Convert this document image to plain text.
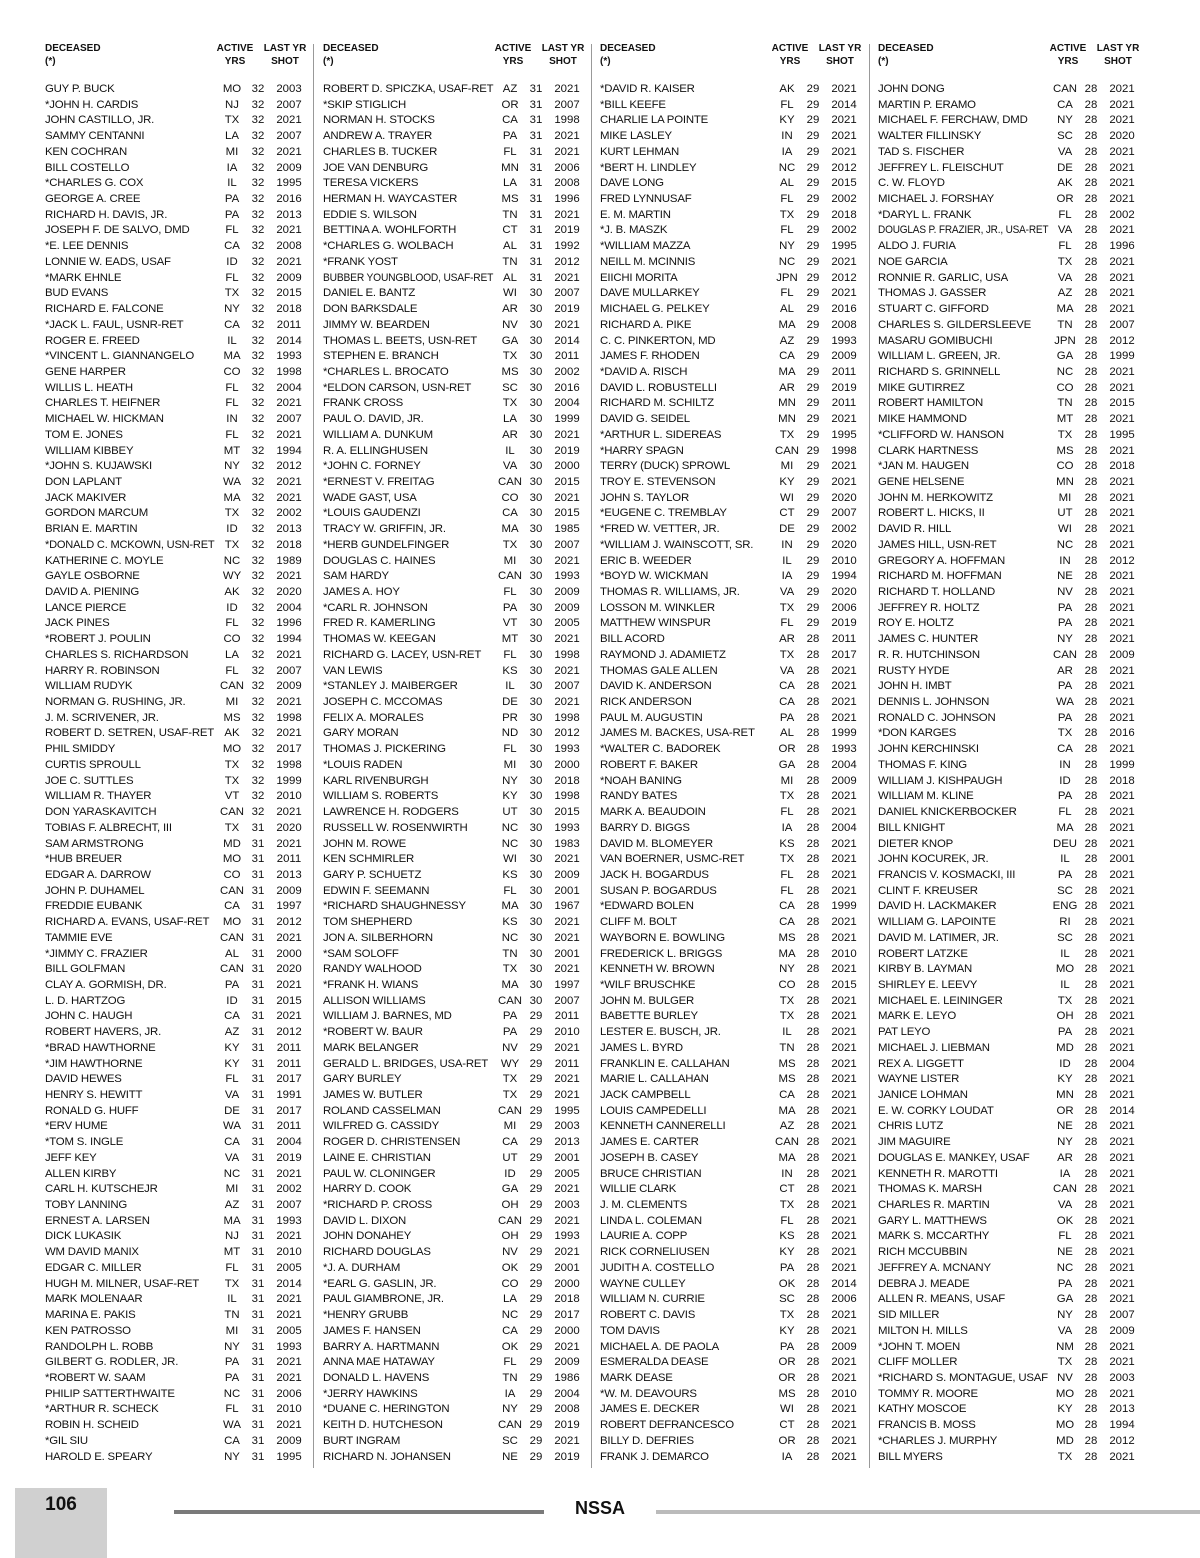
DECEASED
(*)
ACTIVE
YRS
LAST YR
SHOT
GUY P. BUCK	MO 32	2003
*JOHN H. CARDIS	NJ	32	2007
JOHN CASTILLO, JR.	TX	32	2021
SAMMY CENTANNI	LA	32	2007
KEN COCHRAN	MI	32	2021
BILL COSTELLO	IA	32	2009
*CHARLES G. COX	IL	32	1995
GEORGE A. CREE	PA	32	2016
RICHARD H. DAVIS, JR.	PA	32	2013
JOSEPH F. DE SALVO, DMD	FL	32	2021
*E. LEE DENNIS	CA	32	2008
LONNIE W. EADS, USAF	ID	32	2021
*MARK EHNLE	FL	32	2009
BUD EVANS	TX	32	2015
RICHARD E. FALCONE	NY	32	2018
*JACK L. FAUL, USNR-RET	CA	32	2011
ROGER E. FREED	IL	32	2014
*VINCENT L. GIANNANGELO	MA 32	1993
GENE HARPER	CO 32	1998
WILLIS L. HEATH	FL	32	2004
CHARLES T. HEIFNER	FL	32	2021
MICHAEL W. HICKMAN	IN	32	2007
TOM E. JONES	FL	32	2021
WILLIAM KIBBEY	MT	32	1994
*JOHN S. KUJAWSKI	NY	32	2012
DON LAPLANT	WA 32	2021
JACK MAKIVER	MA 32	2021
GORDON MARCUM	TX	32	2002
BRIAN E. MARTIN	ID	32	2013
*DONALD C. MCKOWN, USN-RET TX	32	2018
KATHERINE C. MOYLE	NC	32	1989
GAYLE OSBORNE	WY 32	2021
DAVID A. PIENING	AK	32	2020
LANCE PIERCE	ID	32	2004
JACK PINES	FL	32	1996
*ROBERT J. POULIN	CO 32	1994
CHARLES S. RICHARDSON	LA	32	2021
HARRY R. ROBINSON	FL	32	2007
WILLIAM RUDYK	CAN 32	2009
NORMAN G. RUSHING, JR.	MI	32	2021
J. M. SCRIVENER, JR.	MS 32	1998
ROBERT D. SETREN, USAF-RET AK	32	2021
PHIL SMIDDY	MO 32	2017
CURTIS SPROULL	TX	32	1998
JOE C. SUTTLES	TX	32	1999
WILLIAM R. THAYER	VT	32	2010
DON YARASKAVITCH	CAN 32	2021
TOBIAS F. ALBRECHT, III	TX	31	2020
SAM ARMSTRONG	MD 31	2021
*HUB BREUER	MO 31	2011
EDGAR A. DARROW	CO 31	2013
JOHN P. DUHAMEL	CAN 31	2009
FREDDIE EUBANK	CA	31	1997
RICHARD A. EVANS, USAF-RET	MO 31	2012
TAMMIE EVE	CAN 31	2021
*JIMMY C. FRAZIER	AL	31	2000
BILL GOLFMAN	CAN 31	2020
CLAY A. GORMISH, DR.	PA	31	2021
L. D. HARTZOG	ID	31	2015
JOHN C. HAUGH	CA	31	2021
ROBERT HAVERS, JR.	AZ	31	2012
*BRAD HAWTHORNE	KY	31	2011
*JIM HAWTHORNE	KY	31	2011
DAVID HEWES	FL	31	2017
HENRY S. HEWITT	VA	31	1991
RONALD G. HUFF	DE	31	2017
*ERV HUME	WA 31	2011
*TOM S. INGLE	CA	31	2004
JEFF KEY	VA	31	2019
ALLEN KIRBY	NC	31	2021
CARL H. KUTSCHEJR	MI	31	2002
TOBY LANNING	AZ	31	2007
ERNEST A. LARSEN	MA 31	1993
DICK LUKASIK	NJ	31	2021
WM DAVID MANIX	MT	31	2010
EDGAR C. MILLER	FL	31	2005
HUGH M. MILNER, USAF-RET	TX	31	2014
MARK MOLENAAR	IL	31	2021
MARINA E. PAKIS	TN	31	2021
KEN PATROSSO	MI	31	2005
RANDOLPH L. ROBB	NY	31	1993
GILBERT G. RODLER, JR.	PA	31	2021
*ROBERT W. SAAM	PA	31	2021
PHILIP SATTERTHWAITE	NC	31	2006
*ARTHUR R. SCHECK	FL	31	2010
ROBIN H. SCHEID	WA 31	2021
*GIL SIU	CA	31	2009
HAROLD E. SPEARY	NY	31	1995
DECEASED
(*)
ACTIVE
YRS
LAST YR
SHOT
ROBERT D. SPICZKA, USAF-RET AZ	31	2021
*SKIP STIGLICH	OR 31	2007
NORMAN H. STOCKS	CA	31	1998
ANDREW A. TRAYER	PA	31	2021
CHARLES B. TUCKER	FL	31	2021
JOE VAN DENBURG	MN 31	2006
TERESA VICKERS	LA	31	2008
HERMAN H. WAYCASTER	MS 31	1996
EDDIE S. WILSON	TN	31	2021
BETTINA A. WOHLFORTH	CT	31	2019
*CHARLES G. WOLBACH	AL	31	1992
*FRANK YOST	TN	31	2012
BUBBER YOUNGBLOOD, USAF-RET AL	31	2021
DANIEL E. BANTZ	WI	30	2007
DON BARKSDALE	AR	30	2019
JIMMY W. BEARDEN	NV	30	2021
THOMAS L. BEETS, USN-RET	GA	30	2014
STEPHEN E. BRANCH	TX	30	2011
*CHARLES L. BROCATO	MS 30	2002
*ELDON CARSON, USN-RET	SC	30	2016
FRANK CROSS	TX	30	2004
PAUL O. DAVID, JR.	LA	30	1999
WILLIAM A. DUNKUM	AR	30	2021
R. A. ELLINGHUSEN	IL	30	2019
*JOHN C. FORNEY	VA	30	2000
*ERNEST V. FREITAG	CAN 30	2015
WADE GAST, USA	CO 30	2021
*LOUIS GAUDENZI	CA	30	2015
TRACY W. GRIFFIN, JR.	MA 30	1985
*HERB GUNDELFINGER	TX	30	2007
DOUGLAS C. HAINES	MI	30	2021
SAM HARDY	CAN 30	1993
JAMES A. HOY	FL	30	2009
*CARL R. JOHNSON	PA	30	2009
FRED R. KAMERLING	VT	30	2005
THOMAS W. KEEGAN	MT	30	2021
RICHARD G. LACEY, USN-RET	FL	30	1998
VAN LEWIS	KS	30	2021
*STANLEY J. MAIBERGER	IL	30	2007
JOSEPH C. MCCOMAS	DE	30	2021
FELIX A. MORALES	PR	30	1998
GARY MORAN	ND	30	2012
THOMAS J. PICKERING	FL	30	1993
*LOUIS RADEN	MI	30	2000
KARL RIVENBURGH	NY	30	2018
WILLIAM S. ROBERTS	KY	30	1998
LAWRENCE H. RODGERS	UT	30	2015
RUSSELL W. ROSENWIRTH	NC	30	1993
JOHN M. ROWE	NC	30	1983
KEN SCHMIRLER	WI	30	2021
GARY P. SCHUETZ	KS	30	2009
EDWIN F. SEEMANN	FL	30	2001
*RICHARD SHAUGHNESSY	MA 30	1967
TOM SHEPHERD	KS	30	2021
JON A. SILBERHORN	NC	30	2021
*SAM SOLOFF	TN	30	2001
RANDY WALHOOD	TX	30	2021
*FRANK H. WIANS	MA 30	1997
ALLISON WILLIAMS	CAN 30	2007
WILLIAM J. BARNES, MD	PA	29	2011
*ROBERT W. BAUR	PA	29	2010
MARK BELANGER	NV	29	2021
GERALD L. BRIDGES, USA-RET	WY 29	2011
GARY BURLEY	TX	29	2021
JAMES W. BUTLER	TX	29	2021
ROLAND CASSELMAN	CAN 29	1995
WILFRED G. CASSIDY	MI	29	2003
ROGER D. CHRISTENSEN	CA	29	2013
LAINE E. CHRISTIAN	UT	29	2001
PAUL W. CLONINGER	ID	29	2005
HARRY D. COOK	GA	29	2021
*RICHARD P. CROSS	OH 29	2003
DAVID L. DIXON	CAN 29	2021
JOHN DONAHEY	OH 29	1993
RICHARD DOUGLAS	NV	29	2021
*J. A. DURHAM	OK	29	2001
*EARL G. GASLIN, JR.	CO 29	2000
PAUL GIAMBRONE, JR.	LA	29	2018
*HENRY GRUBB	NC	29	2017
JAMES F. HANSEN	CA	29	2000
BARRY A. HARTMANN	OK	29	2021
ANNA MAE HATAWAY	FL	29	2009
DONALD L. HAVENS	TN	29	1986
*JERRY HAWKINS	IA	29	2004
*DUANE C. HERINGTON	NY	29	2008
KEITH D. HUTCHESON	CAN 29	2019
BURT INGRAM	SC	29	2021
RICHARD N. JOHANSEN	NE	29	2019
DECEASED
(*)
ACTIVE
YRS
LAST YR
SHOT
*DAVID R. KAISER	AK	29	2021
*BILL KEEFE	FL	29	2014
CHARLIE LA POINTE	KY	29	2021
MIKE LASLEY	IN	29	2021
KURT LEHMAN	IA	29	2021
*BERT H. LINDLEY	NC	29	2012
DAVE LONG	AL	29	2015
FRED LYNNUSAF	FL	29	2002
E. M. MARTIN	TX	29	2018
*J. B. MASZK	FL	29	2002
*WILLIAM MAZZA	NY	29	1995
NEILL M. MCINNIS	NC	29	2021
EIICHI MORITA	JPN 29	2012
DAVE MULLARKEY	FL	29	2021
MICHAEL G. PELKEY	AL	29	2016
RICHARD A. PIKE	MA 29	2008
C. C. PINKERTON, MD	AZ	29	1993
JAMES F. RHODEN	CA	29	2009
*DAVID A. RISCH	MA 29	2011
DAVID L. ROBUSTELLI	AR	29	2019
RICHARD M. SCHILTZ	MN 29	2011
DAVID G. SEIDEL	MN 29	2021
*ARTHUR L. SIDEREAS	TX	29	1995
*HARRY SPAGN	CAN 29	1998
TERRY (DUCK) SPROWL	MI	29	2021
TROY E. STEVENSON	KY	29	2021
JOHN S. TAYLOR	WI	29	2020
*EUGENE C. TREMBLAY	CT	29	2007
*FRED W. VETTER, JR.	DE	29	2002
*WILLIAM J. WAINSCOTT, SR.	IN	29	2020
ERIC B. WEEDER	IL	29	2010
*BOYD W. WICKMAN	IA	29	1994
THOMAS R. WILLIAMS, JR.	VA	29	2020
LOSSON M. WINKLER	TX	29	2006
MATTHEW WINSPUR	FL	29	2019
BILL ACORD	AR	28	2011
RAYMOND J. ADAMIETZ	TX	28	2017
THOMAS GALE ALLEN	VA	28	2021
DAVID K. ANDERSON	CA	28	2021
RICK ANDERSON	CA	28	2021
PAUL M. AUGUSTIN	PA	28	2021
JAMES M. BACKES, USA-RET	AL	28	1999
*WALTER C. BADOREK	OR 28	1993
ROBERT F. BAKER	GA	28	2004
*NOAH BANING	MI	28	2009
RANDY BATES	TX	28	2021
MARK A. BEAUDOIN	FL	28	2021
BARRY D. BIGGS	IA	28	2004
DAVID M. BLOMEYER	KS	28	2021
VAN BOERNER, USMC-RET	TX	28	2021
JACK H. BOGARDUS	FL	28	2021
SUSAN P. BOGARDUS	FL	28	2021
*EDWARD BOLEN	CA	28	1999
CLIFF M. BOLT	CA	28	2021
WAYBORN E. BOWLING	MS 28	2021
FREDERICK L. BRIGGS	MA 28	2010
KENNETH W. BROWN	NY	28	2021
*WILF BRUSCHKE	CO 28	2015
JOHN M. BULGER	TX	28	2021
BABETTE BURLEY	TX	28	2021
LESTER E. BUSCH, JR.	IL	28	2021
JAMES L. BYRD	TN	28	2021
FRANKLIN E. CALLAHAN	MS 28	2021
MARIE L. CALLAHAN	MS 28	2021
JACK CAMPBELL	CA	28	2021
LOUIS CAMPEDELLI	MA 28	2021
KENNETH CANNERELLI	AZ	28	2021
JAMES E. CARTER	CAN 28	2021
JOSEPH B. CASEY	MA 28	2021
BRUCE CHRISTIAN	IN	28	2021
WILLIE CLARK	CT	28	2021
J. M. CLEMENTS	TX	28	2021
LINDA L. COLEMAN	FL	28	2021
LAURIE A. COPP	KS	28	2021
RICK CORNELIUSEN	KY	28	2021
JUDITH A. COSTELLO	PA	28	2021
WAYNE CULLEY	OK	28	2014
WILLIAM N. CURRIE	SC	28	2006
ROBERT C. DAVIS	TX	28	2021
TOM DAVIS	KY	28	2021
MICHAEL A. DE PAOLA	PA	28	2009
ESMERALDA DEASE	OR 28	2021
MARK DEASE	OR 28	2021
*W. M. DEAVOURS	MS 28	2010
JAMES E. DECKER	WI	28	2021
ROBERT DEFRANCESCO	CT	28	2021
BILLY D. DEFRIES	OR 28	2021
FRANK J. DEMARCO	IA	28	2021
DECEASED
(*)
ACTIVE
YRS
LAST YR
SHOT
JOHN DONG	CAN 28	2021
MARTIN P. ERAMO	CA	28	2021
MICHAEL F. FERCHAW, DMD	NY	28	2021
WALTER FILLINSKY	SC	28	2020
TAD S. FISCHER	VA	28	2021
JEFFREY L. FLEISCHUT	DE	28	2021
C. W. FLOYD	AK	28	2021
MICHAEL J. FORSHAY	OR 28	2021
*DARYL L. FRANK	FL	28	2002
DOUGLAS P. FRAZIER, JR., USA-RET VA	28	2021
ALDO J. FURIA	FL	28	1996
NOE GARCIA	TX	28	2021
RONNIE R. GARLIC, USA	VA	28	2021
THOMAS J. GASSER	AZ	28	2021
STUART C. GIFFORD	MA 28	2021
CHARLES S. GILDERSLEEVE	TN	28	2007
MASARU GOMIBUCHI	JPN 28	2012
WILLIAM L. GREEN, JR.	GA	28	1999
RICHARD S. GRINNELL	NC	28	2021
MIKE GUTIRREZ	CO 28	2021
ROBERT HAMILTON	TN	28	2015
MIKE HAMMOND	MT	28	2021
*CLIFFORD W. HANSON	TX	28	1995
CLARK HARTNESS	MS 28	2021
*JAN M. HAUGEN	CO 28	2018
GENE HELSENE	MN 28	2021
JOHN M. HERKOWITZ	MI	28	2021
ROBERT L. HICKS, II	UT	28	2021
DAVID R. HILL	WI	28	2021
JAMES HILL, USN-RET	NC	28	2021
GREGORY A. HOFFMAN	IN	28	2012
RICHARD M. HOFFMAN	NE	28	2021
RICHARD T. HOLLAND	NV	28	2021
JEFFREY R. HOLTZ	PA	28	2021
ROY E. HOLTZ	PA	28	2021
JAMES C. HUNTER	NY	28	2021
R. R. HUTCHINSON	CAN 28	2009
RUSTY HYDE	AR	28	2021
JOHN H. IMBT	PA	28	2021
DENNIS L. JOHNSON	WA 28	2021
RONALD C. JOHNSON	PA	28	2021
*DON KARGES	TX	28	2016
JOHN KERCHINSKI	CA	28	2021
THOMAS F. KING	IN	28	1999
WILLIAM J. KISHPAUGH	ID	28	2018
WILLIAM M. KLINE	PA	28	2021
DANIEL KNICKERBOCKER	FL	28	2021
BILL KNIGHT	MA 28	2021
DIETER KNOP	DEU 28	2021
JOHN KOCUREK, JR.	IL	28	2001
FRANCIS V. KOSMACKI, III	PA	28	2021
CLINT F. KREUSER	SC	28	2021
DAVID H. LACKMAKER	ENG 28	2021
WILLIAM G. LAPOINTE	RI	28	2021
DAVID M. LATIMER, JR.	SC	28	2021
ROBERT LATZKE	IL	28	2021
KIRBY B. LAYMAN	MO 28	2021
SHIRLEY E. LEEVY	IL	28	2021
MICHAEL E. LEININGER	TX	28	2021
MARK E. LEYO	OH 28	2021
PAT LEYO	PA	28	2021
MICHAEL J. LIEBMAN	MD 28	2021
REX A. LIGGETT	ID	28	2004
WAYNE LISTER	KY	28	2021
JANICE LOHMAN	MN 28	2021
E. W. CORKY LOUDAT	OR 28	2014
CHRIS LUTZ	NE	28	2021
JIM MAGUIRE	NY	28	2021
DOUGLAS E. MANKEY, USAF	AR	28	2021
KENNETH R. MAROTTI	IA	28	2021
THOMAS K. MARSH	CAN 28	2021
CHARLES R. MARTIN	VA	28	2021
GARY L. MATTHEWS	OK	28	2021
MARK S. MCCARTHY	FL	28	2021
RICH MCCUBBIN	NE	28	2021
JEFFREY A. MCNANY	NC	28	2021
DEBRA J. MEADE	PA	28	2021
ALLEN R. MEANS, USAF	GA	28	2021
SID MILLER	NY	28	2007
MILTON H. MILLS	VA	28	2009
*JOHN T. MOEN	NM 28	2021
CLIFF MOLLER	TX	28	2021
*RICHARD S. MONTAGUE, USAF NV	28	2003
TOMMY R. MOORE	MO 28	2021
KATHY MOSCOE	KY	28	2013
FRANCIS B. MOSS	MO 28	1994
*CHARLES J. MURPHY	MD 28	2012
BILL MYERS	TX	28	2021
106	NSSA
